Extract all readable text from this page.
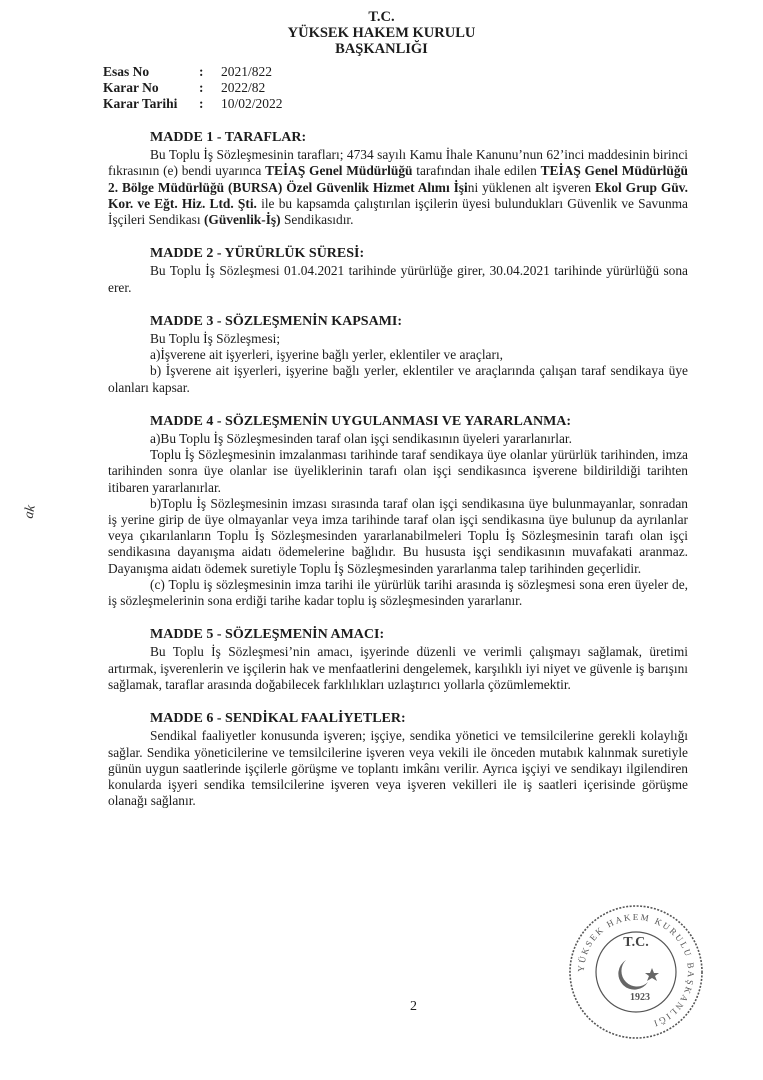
T.C.
YÜKSEK HAKEM KURULU
BAŞKANLIĞI
Esas No	:	2021/822
Karar No	:	2022/82
Karar Tarihi	:	10/02/2022
MADDE 1 - TARAFLAR:

Bu Toplu İş Sözleşmesinin tarafları; 4734 sayılı Kamu İhale Kanunu’nun 62’inci maddesinin birinci fıkrasının (e) bendi uyarınca TEİAŞ Genel Müdürlüğü tarafından ihale edilen TEİAŞ Genel Müdürlüğü 2. Bölge Müdürlüğü (BURSA) Özel Güvenlik Hizmet Alımı İşini yüklenen alt işveren Ekol Grup Güv. Kor. ve Eğt. Hiz. Ltd. Şti. ile bu kapsamda çalıştırılan işçilerin üyesi bulundukları Güvenlik ve Savunma İşçileri Sendikası (Güvenlik-İş) Sendikasıdır.

MADDE 2 - YÜRÜRLÜK SÜRESİ:

Bu Toplu İş Sözleşmesi 01.04.2021 tarihinde yürürlüğe girer, 30.04.2021 tarihinde yürürlüğü sona erer.

MADDE 3 - SÖZLEŞMENİN KAPSAMI:

Bu Toplu İş Sözleşmesi;

a)İşverene ait işyerleri, işyerine bağlı yerler, eklentiler ve araçları,

b) İşverene ait işyerleri, işyerine bağlı yerler, eklentiler ve araçlarında çalışan taraf sendikaya üye olanları kapsar.

MADDE 4 - SÖZLEŞMENİN UYGULANMASI VE YARARLANMA:

a)Bu Toplu İş Sözleşmesinden taraf olan işçi sendikasının üyeleri yararlanırlar.

Toplu İş Sözleşmesinin imzalanması tarihinde taraf sendikaya üye olanlar yürürlük tarihinden, imza tarihinden sonra üye olanlar ise üyeliklerinin tarafı olan işçi sendikasınca işverene bildirildiği tarihten itibaren yararlanırlar.

b)Toplu İş Sözleşmesinin imzası sırasında taraf olan işçi sendikasına üye bulunmayanlar, sonradan iş yerine girip de üye olmayanlar veya imza tarihinde taraf olan işçi sendikasına üye bulunup da ayrılanlar veya çıkarılanların Toplu İş Sözleşmesinden yararlanabilmeleri Toplu İş Sözleşmesinin tarafı olan işçi sendikasına dayanışma aidatı ödemelerine bağlıdır. Bu hususta işçi sendikasının muvafakati aranmaz. Dayanışma aidatı ödemek suretiyle Toplu İş Sözleşmesinden yararlanma talep tarihinden geçerlidir.

(c) Toplu iş sözleşmesinin imza tarihi ile yürürlük tarihi arasında iş sözleşmesi sona eren üyeler de, iş sözleşmelerinin sona erdiği tarihe kadar toplu iş sözleşmesinden yararlanır.

MADDE 5 - SÖZLEŞMENİN AMACI:

Bu Toplu İş Sözleşmesi’nin amacı, işyerinde düzenli ve verimli çalışmayı sağlamak, üretimi artırmak, işverenlerin ve işçilerin hak ve menfaatlerini dengelemek, karşılıklı iyi niyet ve güvenle iş barışını sağlamak, taraflar arasında doğabilecek farklılıkları uzlaştırıcı yollarla çözümlemektir.

MADDE 6 - SENDİKAL FAALİYETLER:

Sendikal faaliyetler konusunda işveren; işçiye, sendika yönetici ve temsilcilerine gerekli kolaylığı sağlar. Sendika yöneticilerine ve temsilcilerine işveren veya vekili ile önceden mutabık kalınmak suretiyle günün uygun saatlerinde işçilerle görüşme ve toplantı imkânı verilir. Ayrıca işçiyi ve sendikayı ilgilendiren konularda işyeri sendika temsilcilerine işveren veya işveren vekilleri ile iş saatleri içerisinde görüşme olanağı sağlanır.

ak
YÜKSEK HAKEM KURULU BAŞKANLIĞI
T.C.
1923
2
